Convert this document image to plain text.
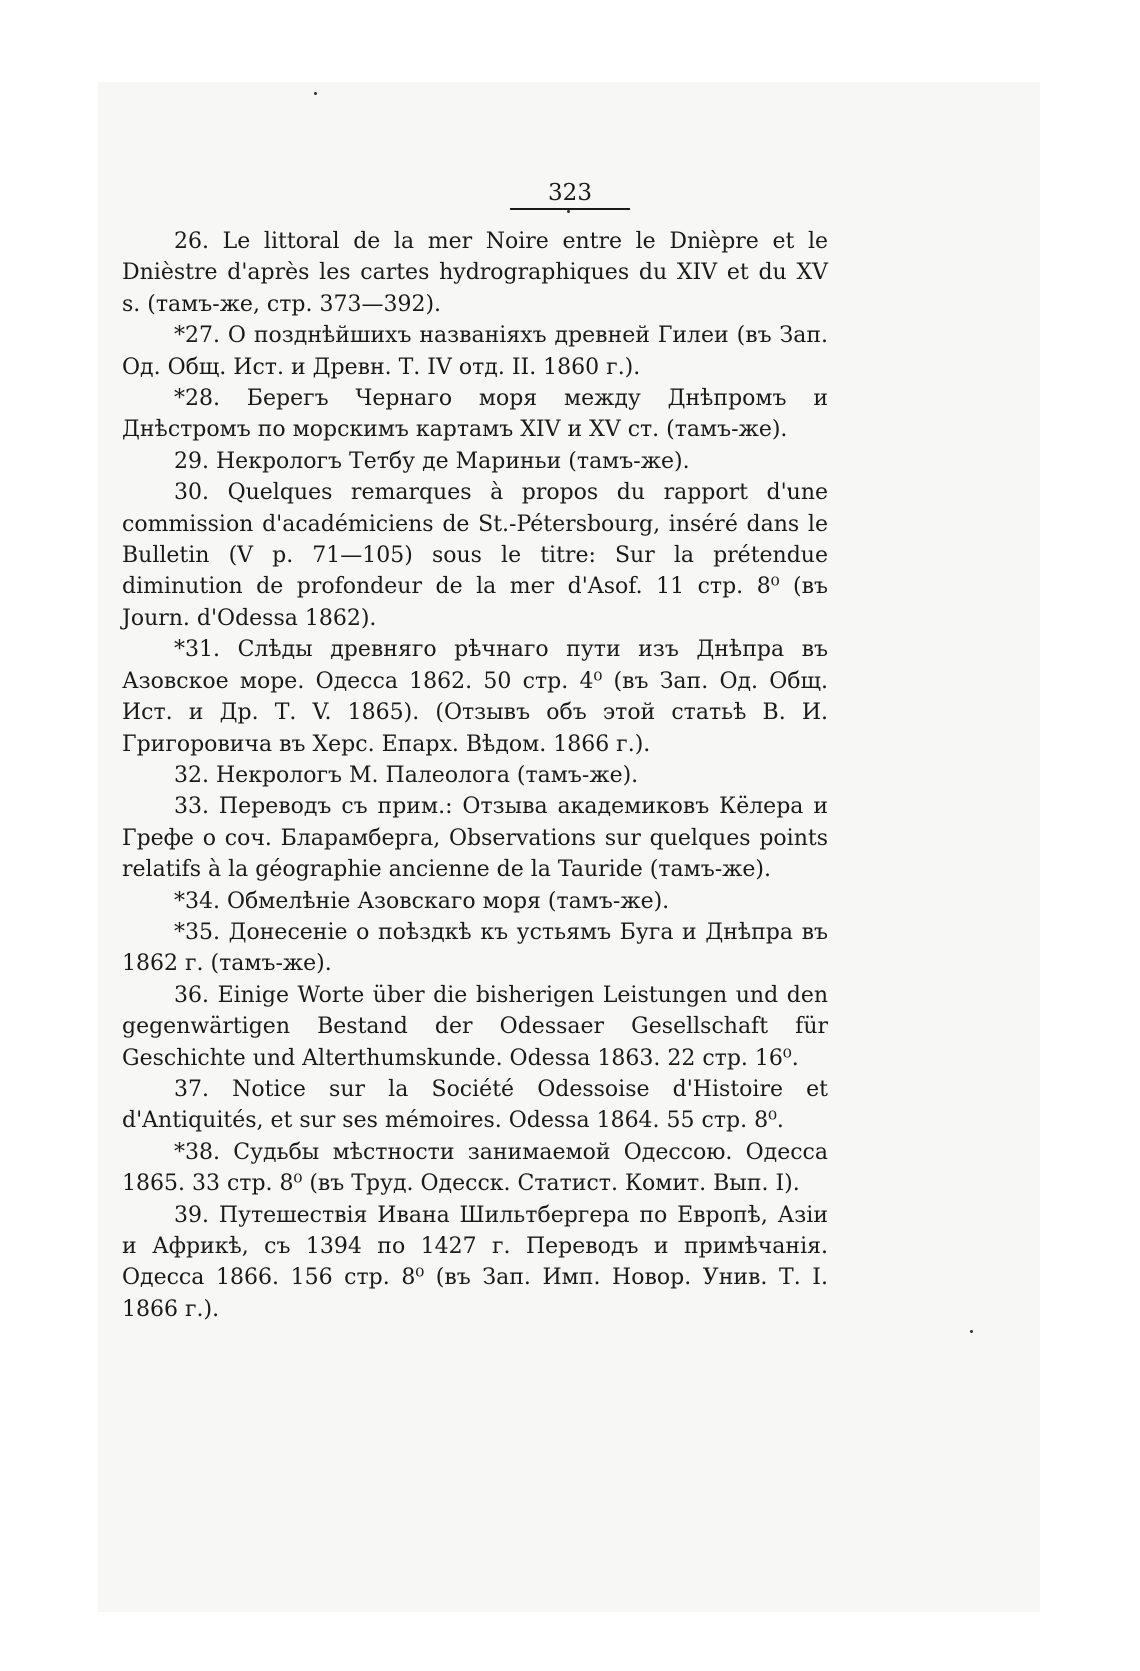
323

26. Le littoral de la mer Noire entre le Dnièpre et le Dnièstre d'après les cartes hydrographiques du XIV et du XV s. (тамъ-же, стр. 373—392).

*27. О позднѣйшихъ названіяхъ древней Гилеи (въ Зап. Од. Общ. Ист. и Древн. Т. IV отд. II. 1860 г.).

*28. Берегъ Чернаго моря между Днѣпромъ и Днѣстромъ по морскимъ картамъ XIV и XV ст. (тамъ-же).

29. Некрологъ Тетбу де Мариньи (тамъ-же).

30. Quelques remarques à propos du rapport d'une commission d'académiciens de St.-Pétersbourg, inséré dans le Bulletin (V p. 71—105) sous le titre: Sur la prétendue diminution de profondeur de la mer d'Asof. 11 стр. 8⁰ (въ Journ. d'Odessa 1862).

*31. Слѣды древняго рѣчнаго пути изъ Днѣпра въ Азовское море. Одесса 1862. 50 стр. 4⁰ (въ Зап. Од. Общ. Ист. и Др. Т. V. 1865). (Отзывъ объ этой статьѣ В. И. Григоровича въ Херс. Епарх. Вѣдом. 1866 г.).

32. Некрологъ М. Палеолога (тамъ-же).

33. Переводъ съ прим.: Отзыва академиковъ Кёлера и Грефе о соч. Бларамберга, Observations sur quelques points relatifs à la géographie ancienne de la Tauride (тамъ-же).

*34. Обмелѣніе Азовскаго моря (тамъ-же).

*35. Донесеніе о поѣздкѣ къ устьямъ Буга и Днѣпра въ 1862 г. (тамъ-же).

36. Einige Worte über die bisherigen Leistungen und den gegenwärtigen Bestand der Odessaer Gesellschaft für Geschichte und Alterthumskunde. Odessa 1863. 22 стр. 16⁰.

37. Notice sur la Société Odessoise d'Histoire et d'Antiquités, et sur ses mémoires. Odessa 1864. 55 стр. 8⁰.

*38. Судьбы мѣстности занимаемой Одессою. Одесса 1865. 33 стр. 8⁰ (въ Труд. Одесск. Статист. Комит. Вып. I).

39. Путешествія Ивана Шильтбергера по Европѣ, Азіи и Африкѣ, съ 1394 по 1427 г. Переводъ и примѣчанія. Одесса 1866. 156 стр. 8⁰ (въ Зап. Имп. Новор. Унив. Т. I. 1866 г.).
